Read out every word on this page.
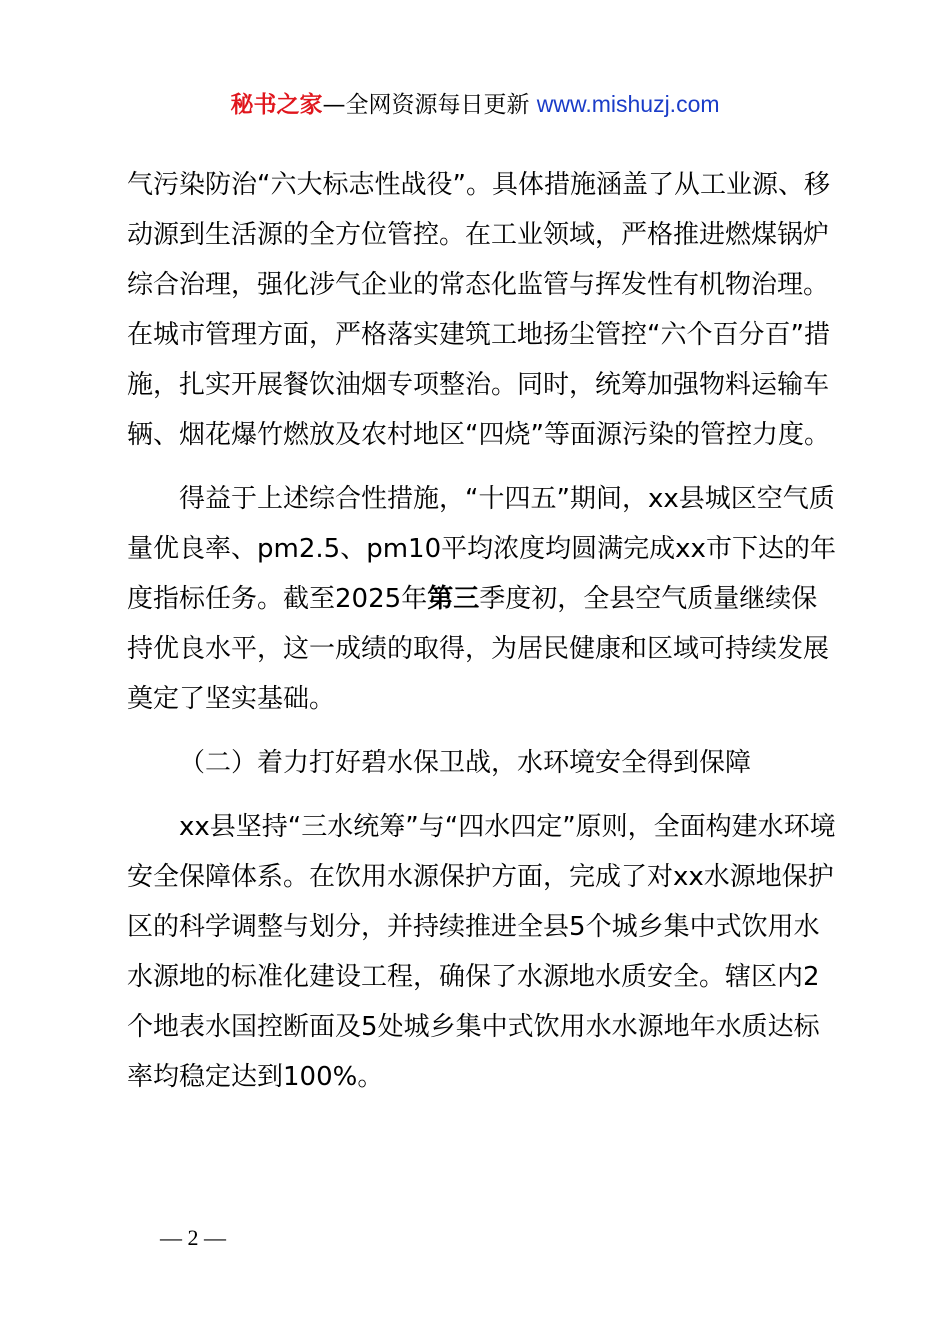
秘书之家—全网资源每日更新 www.mishuzj.com

气污染防治“六大标志性战役”。具体措施涵盖了从工业源、移动源到生活源的全方位管控。在工业领域，严格推进燃煤锅炉综合治理，强化涉气企业的常态化监管与挥发性有机物治理。在城市管理方面，严格落实建筑工地扬尘管控“六个百分百”措施，扎实开展餐饮油烟专项整治。同时，统筹加强物料运输车辆、烟花爆竹燃放及农村地区“四烧”等面源污染的管控力度。

得益于上述综合性措施，“十四五”期间，xx县城区空气质量优良率、pm2.5、pm10平均浓度均圆满完成xx市下达的年度指标任务。截至2025年第三季度初，全县空气质量继续保持优良水平，这一成绩的取得，为居民健康和区域可持续发展奠定了坚实基础。

（二）着力打好碧水保卫战，水环境安全得到保障

xx县坚持“三水统筹”与“四水四定”原则，全面构建水环境安全保障体系。在饮用水源保护方面，完成了对xx水源地保护区的科学调整与划分，并持续推进全县5个城乡集中式饮用水水源地的标准化建设工程，确保了水源地水质安全。辖区内2个地表水国控断面及5处城乡集中式饮用水水源地年水质达标率均稳定达到100%。

— 2 —
